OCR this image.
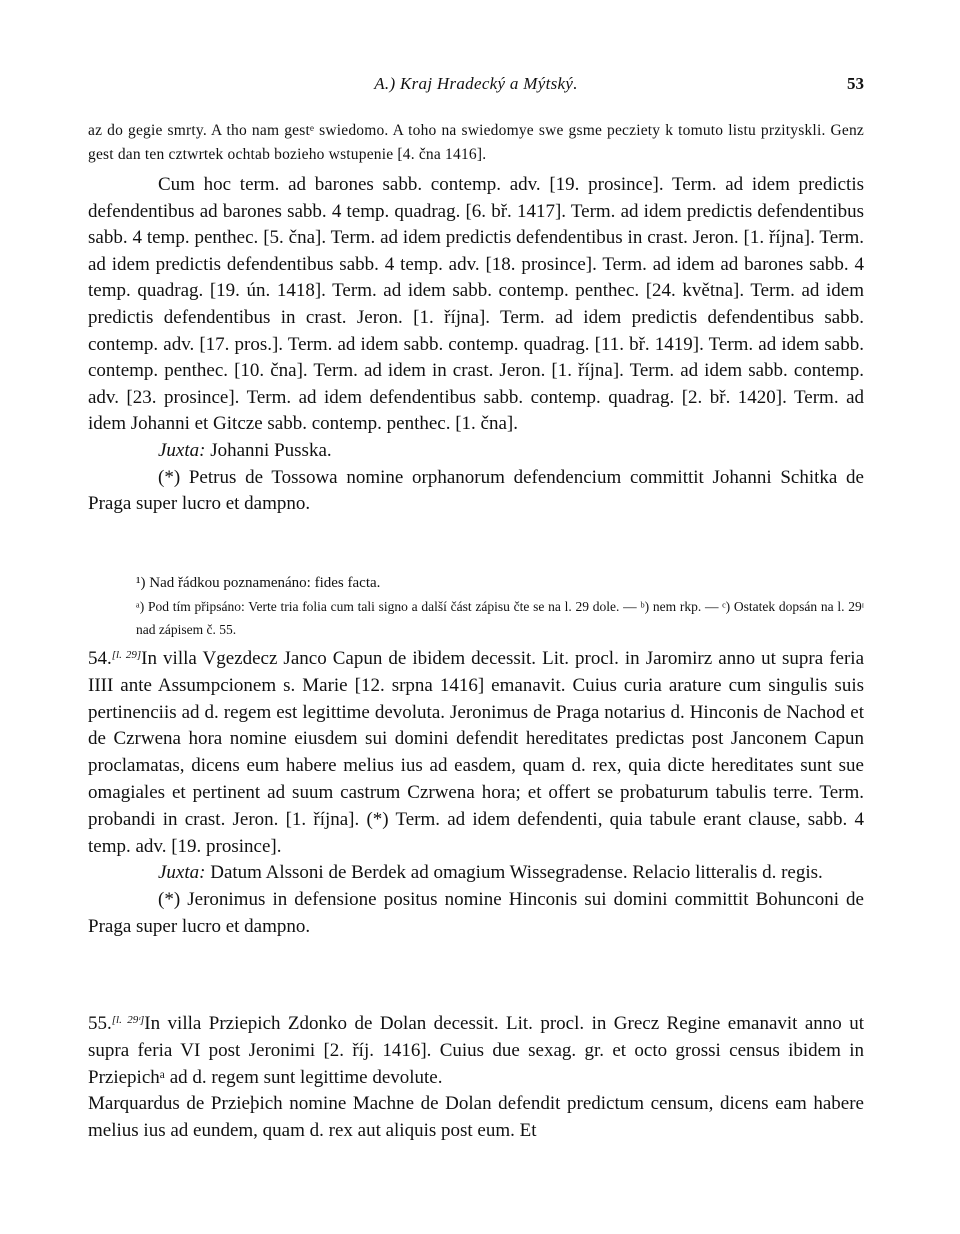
A.) Kraj Hradecký a Mýtský.	53
az do gegie smrty. A tho nam gestᵉ swiedomo. A toho na swiedomye swe gsme pecziety k tomuto listu przityskli. Genz gest dan ten cztwrtek ochtab bozieho wstupenie [4. čna 1416].

Cum hoc term. ad barones sabb. contemp. adv. [19. prosince]. Term. ad idem predictis defendentibus ad barones sabb. 4 temp. quadrag. [6. bř. 1417]. Term. ad idem predictis defendentibus sabb. 4 temp. penthec. [5. čna]. Term. ad idem predictis defendentibus in crast. Jeron. [1. října]. Term. ad idem predictis defendentibus sabb. 4 temp. adv. [18. prosince]. Term. ad idem ad barones sabb. 4 temp. quadrag. [19. ún. 1418]. Term. ad idem sabb. contemp. penthec. [24. května]. Term. ad idem predictis defendentibus in crast. Jeron. [1. října]. Term. ad idem predictis defendentibus sabb. contemp. adv. [17. pros.]. Term. ad idem sabb. contemp. quadrag. [11. bř. 1419]. Term. ad idem sabb. contemp. penthec. [10. čna]. Term. ad idem in crast. Jeron. [1. října]. Term. ad idem sabb. contemp. adv. [23. prosince]. Term. ad idem defendentibus sabb. contemp. quadrag. [2. bř. 1420]. Term. ad idem Johanni et Gitcze sabb. contemp. penthec. [1. čna].

Juxta: Johanni Pusska.

(*) Petrus de Tossowa nomine orphanorum defendencium committit Johanni Schitka de Praga super lucro et dampno.

¹) Nad řádkou poznamenáno: fides facta.

ᵃ) Pod tím připsáno: Verte tria folia cum tali signo a další část zápisu čte se na l. 29 dole. — ᵇ) nem rkp. — ᶜ) Ostatek dopsán na l. 29ᶦ nad zápisem č. 55.

54.[l. 29]In villa Vgezdecz Janco Capun de ibidem decessit. Lit. procl. in Jaromirz anno ut supra feria IIII ante Assumpcionem s. Marie [12. srpna 1416] emanavit. Cuius curia arature cum singulis suis pertinenciis ad d. regem est legittime devoluta. Jeronimus de Praga notarius d. Hinconis de Nachod et de Czrwena hora nomine eiusdem sui domini defendit hereditates predictas post Janconem Capun proclamatas, dicens eum habere melius ius ad easdem, quam d. rex, quia dicte hereditates sunt sue omagiales et pertinent ad suum castrum Czrwena hora; et offert se probaturum tabulis terre. Term. probandi in crast. Jeron. [1. října]. (*) Term. ad idem defendenti, quia tabule erant clause, sabb. 4 temp. adv. [19. prosince].

Juxta: Datum Alssoni de Berdek ad omagium Wissegradense. Relacio litteralis d. regis.

(*) Jeronimus in defensione positus nomine Hinconis sui domini committit Bohunconi de Praga super lucro et dampno.

55.[l. 29ᶦ]In villa Prziepich Zdonko de Dolan decessit. Lit. procl. in Grecz Regine emanavit anno ut supra feria VI post Jeronimi [2. říj. 1416]. Cuius due sexag. gr. et octo grossi census ibidem in Prziepichᵃ ad d. regem sunt legittime devolute.

Marquardus de Przieþich nomine Machne de Dolan defendit predictum censum, dicens eam habere melius ius ad eundem, quam d. rex aut aliquis post eum. Et
